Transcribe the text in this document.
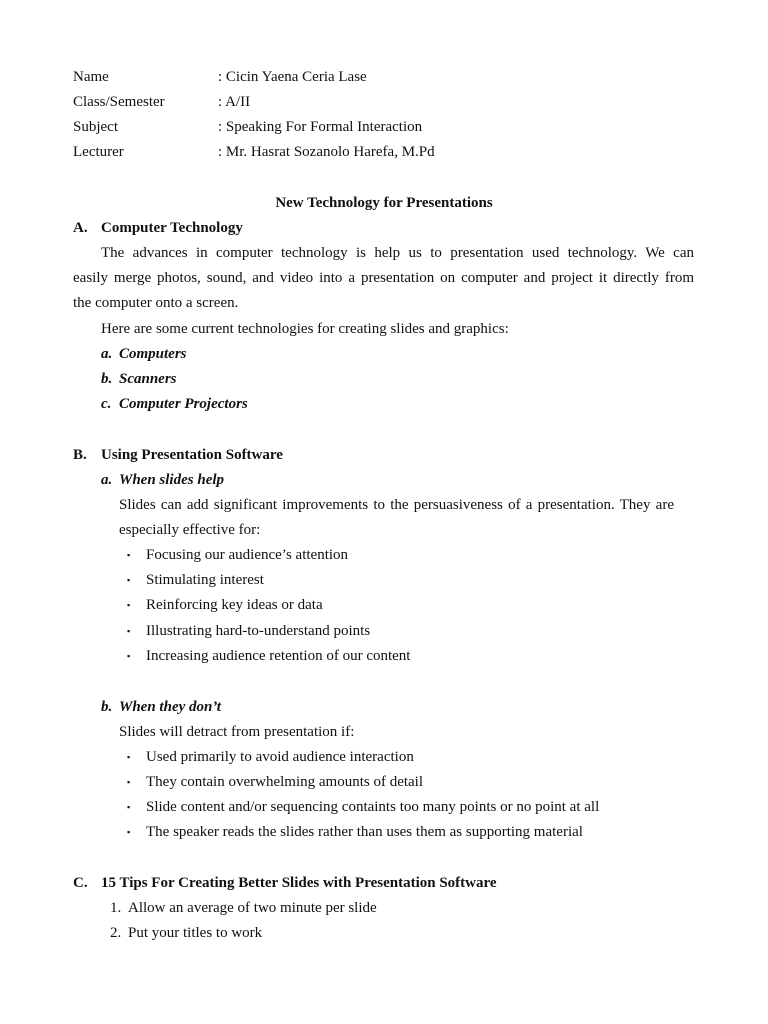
Name	: Cicin Yaena Ceria Lase
Class/Semester	: A/II
Subject	: Speaking For Formal Interaction
Lecturer	: Mr. Hasrat Sozanolo Harefa, M.Pd
New Technology for Presentations
A. Computer Technology
The advances in computer technology is help us to presentation used technology. We can
easily merge photos, sound, and video into a presentation on computer and project it directly from
the computer onto a screen.
Here are some current technologies for creating slides and graphics:
a. Computers
b. Scanners
c. Computer Projectors
B. Using Presentation Software
a. When slides help
Slides can add significant improvements to the persuasiveness of a presentation. They are
especially effective for:
▪ Focusing our audience’s attention
▪ Stimulating interest
▪ Reinforcing key ideas or data
▪ Illustrating hard-to-understand points
▪ Increasing audience retention of our content
b. When they don’t
Slides will detract from presentation if:
▪ Used primarily to avoid audience interaction
▪ They contain overwhelming amounts of detail
▪ Slide content and/or sequencing containts too many points or no point at all
▪ The speaker reads the slides rather than uses them as supporting material
C. 15 Tips For Creating Better Slides with Presentation Software
1. Allow an average of two minute per slide
2. Put your titles to work
